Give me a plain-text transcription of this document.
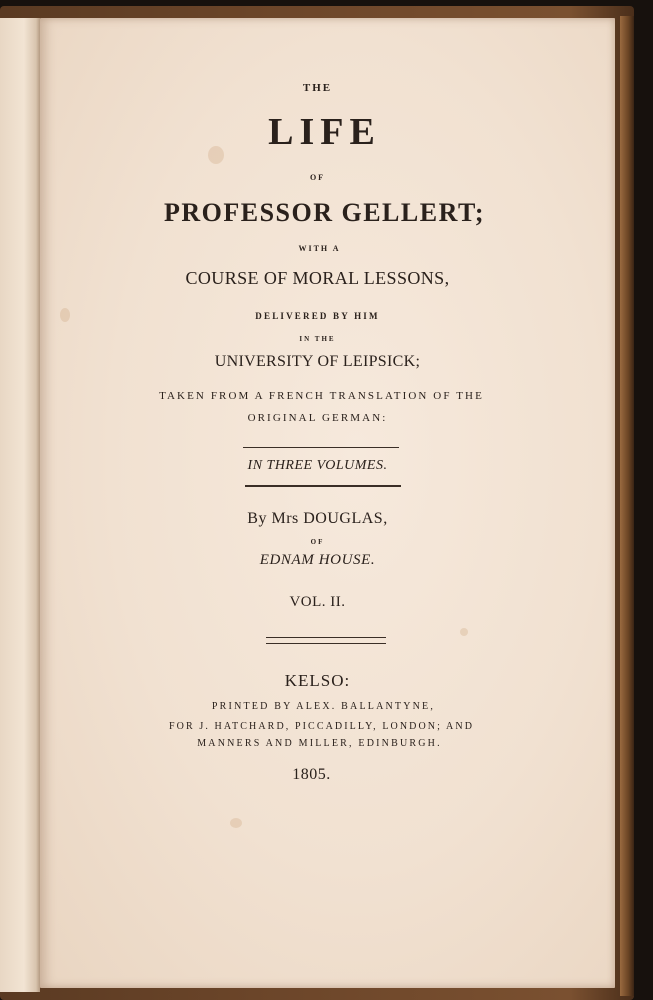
THE
LIFE
OF
PROFESSOR GELLERT;
WITH A
COURSE OF MORAL LESSONS,
DELIVERED BY HIM
IN THE
UNIVERSITY OF LEIPSICK;
TAKEN FROM A FRENCH TRANSLATION OF THE
ORIGINAL GERMAN:
IN THREE VOLUMES.
By Mrs DOUGLAS,
OF
EDNAM HOUSE.
VOL. II.
KELSO:
PRINTED BY ALEX. BALLANTYNE,
FOR J. HATCHARD, PICCADILLY, LONDON; AND
MANNERS AND MILLER, EDINBURGH.
1805.
